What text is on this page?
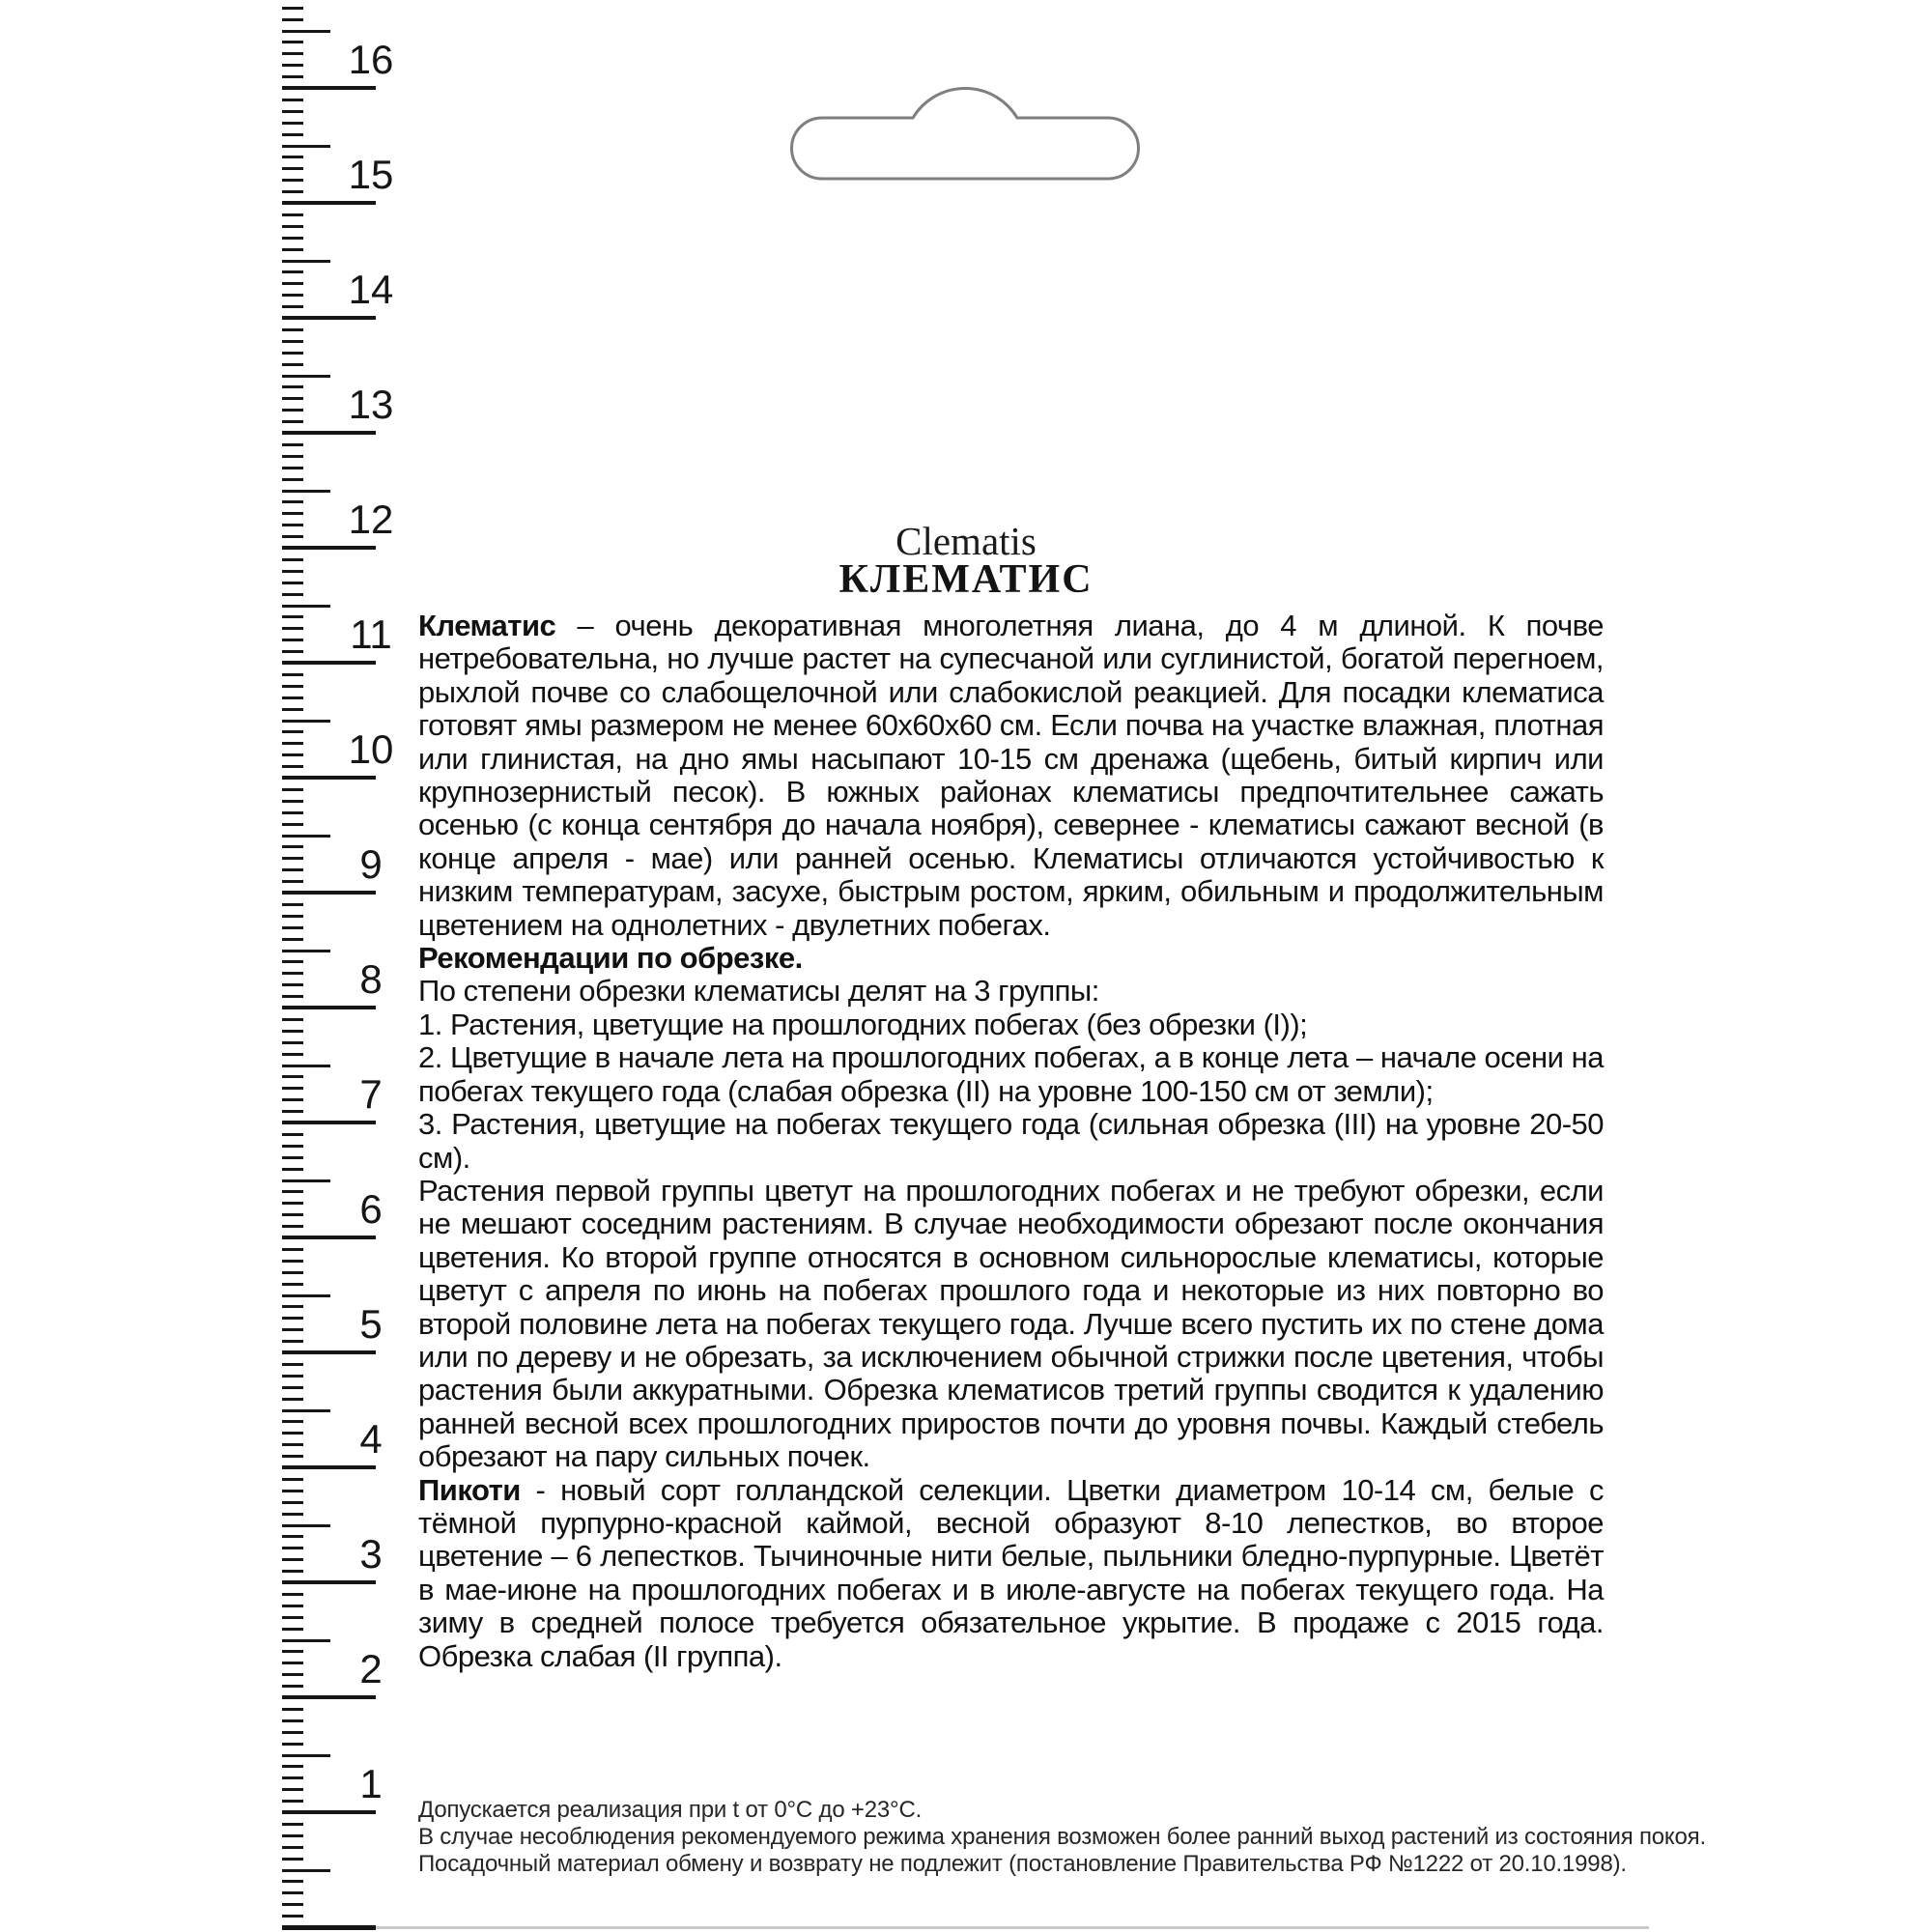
1
2
3
4
5
6
7
8
9
10
11
12
13
14
15
16
Clematis
КЛЕМАТИС

Клематис – очень декоративная многолетняя лиана, до 4 м длиной. К почве нетребовательна, но лучше растет на супесчаной или суглинистой, богатой перегноем, рыхлой почве со слабощелочной или слабокислой реакцией. Для посадки клематиса готовят ямы размером не менее 60х60х60 см. Если почва на участке влажная, плотная или глинистая, на дно ямы насыпают 10-15 см дренажа (щебень, битый кирпич или крупнозернистый песок). В южных районах клематисы предпочтительнее сажать осенью (с конца сентября до начала ноября), севернее - клематисы сажают весной (в конце апреля - мае) или ранней осенью. Клематисы отличаются устойчивостью к низким температурам, засухе, быстрым ростом, ярким, обильным и продолжительным цветением на однолетних - двулетних побегах.

Рекомендации по обрезке.

По степени обрезки клематисы делят на 3 группы:

1. Растения, цветущие на прошлогодних побегах (без обрезки (I));

2. Цветущие в начале лета на прошлогодних побегах, а в конце лета – начале осени на побегах текущего года (слабая обрезка (II) на уровне 100-150 см от земли);

3. Растения, цветущие на побегах текущего года (сильная обрезка (III) на уровне 20-50 см).

Растения первой группы цветут на прошлогодних побегах и не требуют обрезки, если не мешают соседним растениям. В случае необходимости обрезают после окончания цветения. Ко второй группе относятся в основном сильнорослые клематисы, которые цветут с апреля по июнь на побегах прошлого года и некоторые из них повторно во второй половине лета на побегах текущего года. Лучше всего пустить их по стене дома или по дереву и не обрезать, за исключением обычной стрижки после цветения, чтобы растения были аккуратными. Обрезка клематисов третий группы сводится к удалению ранней весной всех прошлогодних приростов почти до уровня почвы. Каждый стебель обрезают на пару сильных почек.

Пикоти - новый сорт голландской селекции. Цветки диаметром 10-14 см, белые с тёмной пурпурно-красной каймой, весной образуют 8-10 лепестков, во второе цветение – 6 лепестков. Тычиночные нити белые, пыльники бледно-пурпурные. Цветёт в мае-июне на прошлогодних побегах и в июле-августе на побегах текущего года. На зиму в средней полосе требуется обязательное укрытие. В продаже с 2015 года. Обрезка слабая (II группа).

Допускается реализация при t от 0°С до +23°С.
В случае несоблюдения рекомендуемого режима хранения возможен более ранний выход растений из состояния покоя.
Посадочный материал обмену и возврату не подлежит (постановление Правительства РФ №1222 от 20.10.1998).
